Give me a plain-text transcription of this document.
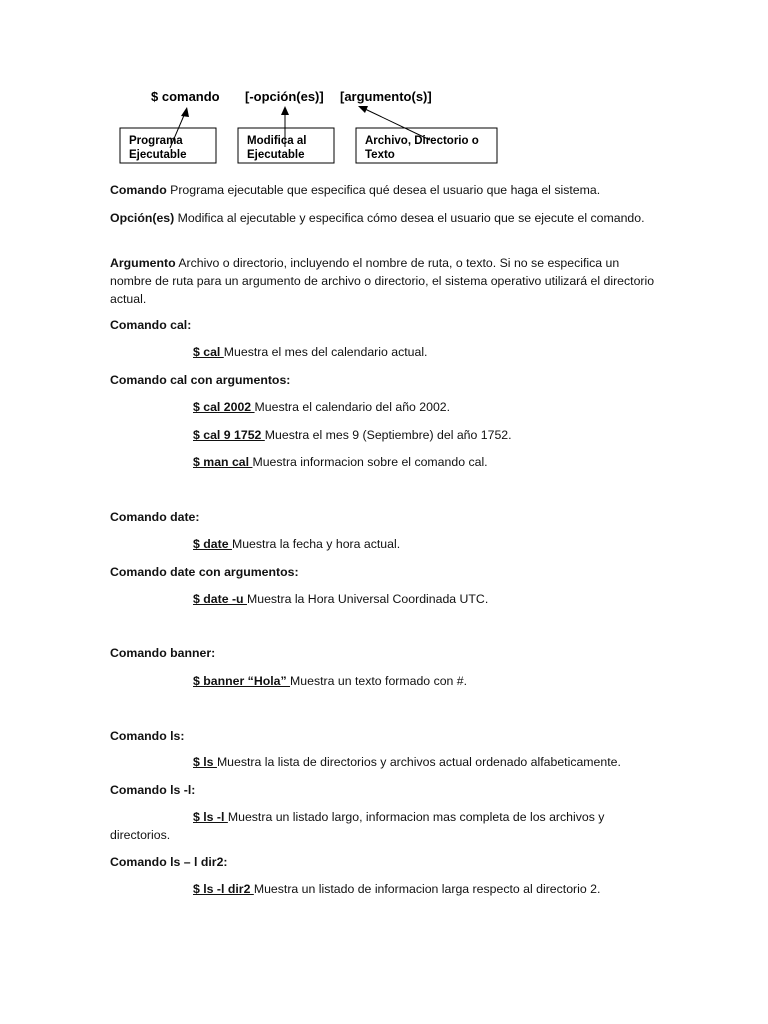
$ comando [-opción(es)] [argumento(s)]
Programa
Ejecutable
Modifica al
Ejecutable
Archivo, Directorio o
Texto
Comando Programa ejecutable que especifica qué desea el usuario que haga el sistema.
Opción(es) Modifica al ejecutable y especifica cómo desea el usuario que se ejecute el comando.
Argumento Archivo o directorio, incluyendo el nombre de ruta, o texto. Si no se especifica un nombre de ruta para un argumento de archivo o directorio, el sistema operativo utilizará el directorio actual.
Comando cal:
$ cal Muestra el mes del calendario actual.
Comando cal con argumentos:
$ cal 2002 Muestra el calendario del año 2002.
$ cal 9 1752 Muestra el mes 9 (Septiembre) del año 1752.
$ man cal Muestra informacion sobre el comando cal.
Comando date:
$ date Muestra la fecha y hora actual.
Comando date con argumentos:
$ date -u Muestra la Hora Universal Coordinada UTC.
Comando banner:
$ banner “Hola” Muestra un texto formado con #.
Comando ls:
$ ls Muestra la lista de directorios y archivos actual ordenado alfabeticamente.
Comando ls -l:
$ ls -l Muestra un listado largo, informacion mas completa de los archivos y directorios.
Comando ls – l dir2:
$ ls -l dir2 Muestra un listado de informacion larga respecto al directorio 2.
